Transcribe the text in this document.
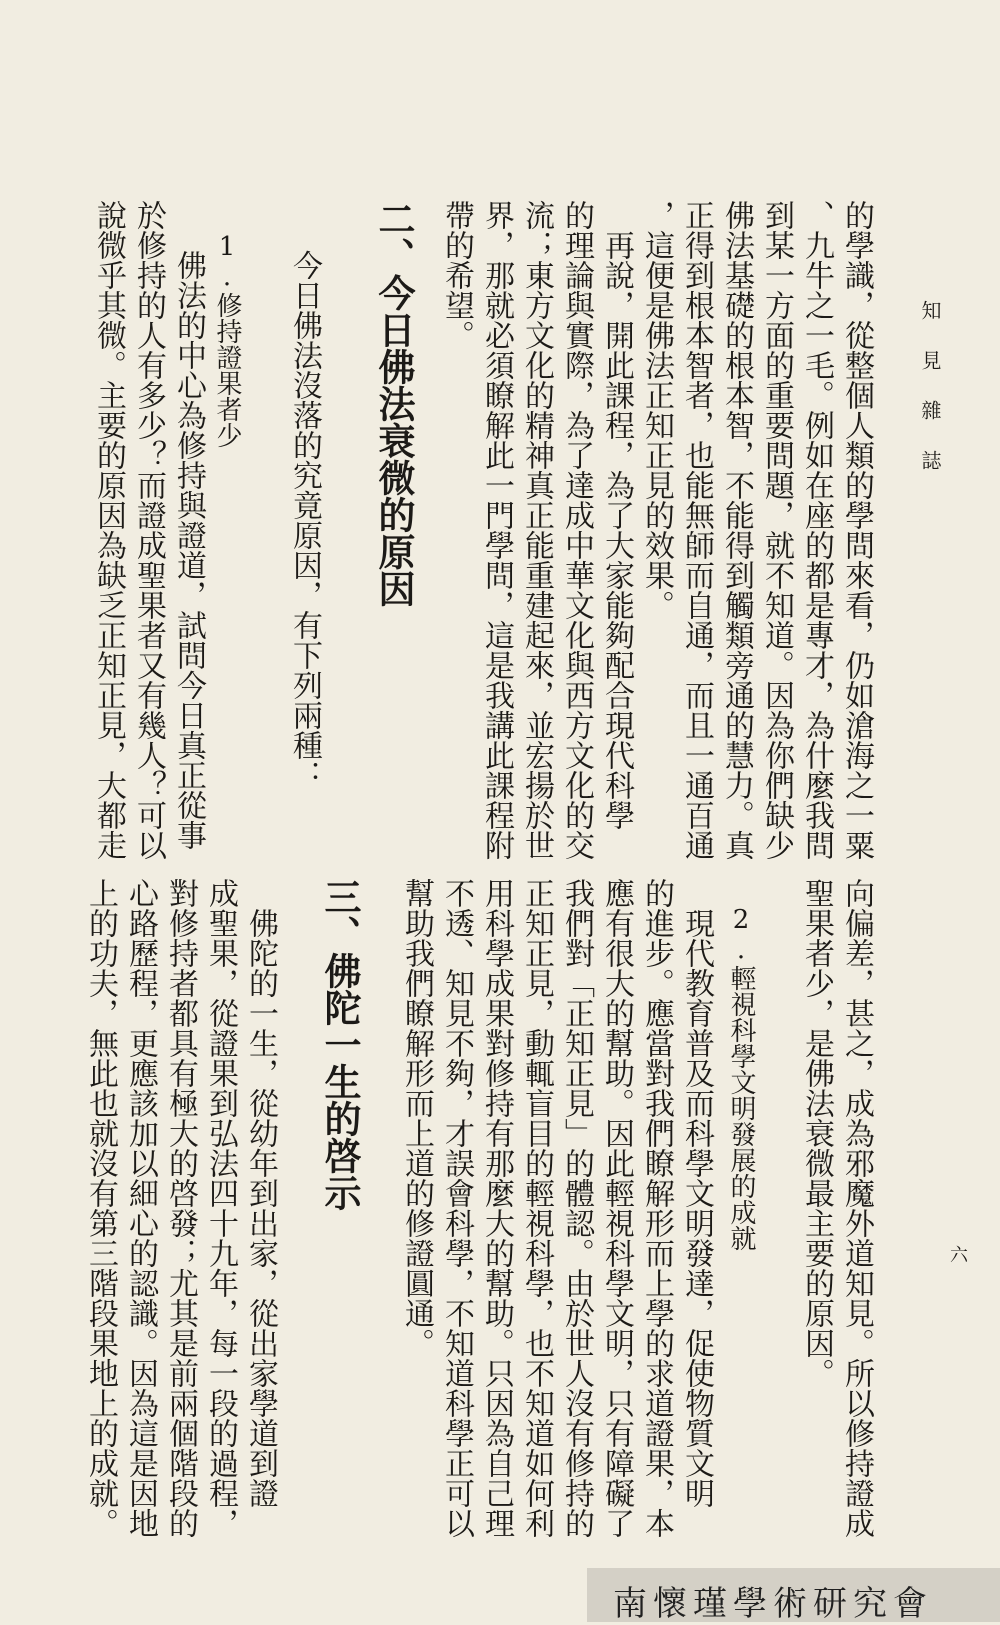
知見雜誌
六
的學識，從整個人類的學問來看，仍如滄海之一粟
、九牛之一毛。例如在座的都是專才，為什麼我問
到某一方面的重要問題，就不知道。因為你們缺少
佛法基礎的根本智，不能得到觸類旁通的慧力。真
正得到根本智者，也能無師而自通，而且一通百通
，這便是佛法正知正見的效果。
　再說，開此課程，為了大家能夠配合現代科學
的理論與實際，為了達成中華文化與西方文化的交
流；東方文化的精神真正能重建起來，並宏揚於世
界，那就必須瞭解此一門學問，這是我講此課程附
帶的希望。
二、今日佛法衰微的原因
今日佛法沒落的究竟原因，有下列兩種：
1.修持證果者少
佛法的中心為修持與證道，試問今日真正從事
於修持的人有多少？而證成聖果者又有幾人？可以
說微乎其微。主要的原因為缺乏正知正見，大都走
向偏差，甚之，成為邪魔外道知見。所以修持證成
聖果者少，是佛法衰微最主要的原因。
2.輕視科學文明發展的成就
　現代教育普及而科學文明發達，促使物質文明
的進步。應當對我們瞭解形而上學的求道證果，本
應有很大的幫助。因此輕視科學文明，只有障礙了
我們對「正知正見」的體認。由於世人沒有修持的
正知正見，動輒盲目的輕視科學，也不知道如何利
用科學成果對修持有那麼大的幫助。只因為自己理
不透、知見不夠，才誤會科學，不知道科學正可以
幫助我們瞭解形而上道的修證圓通。
三、佛陀一生的啓示
　佛陀的一生，從幼年到出家，從出家學道到證
成聖果，從證果到弘法四十九年，每一段的過程，
對修持者都具有極大的啓發；尤其是前兩個階段的
心路歷程，更應該加以細心的認識。因為這是因地
上的功夫，無此也就沒有第三階段果地上的成就。
南懷瑾學術研究會
